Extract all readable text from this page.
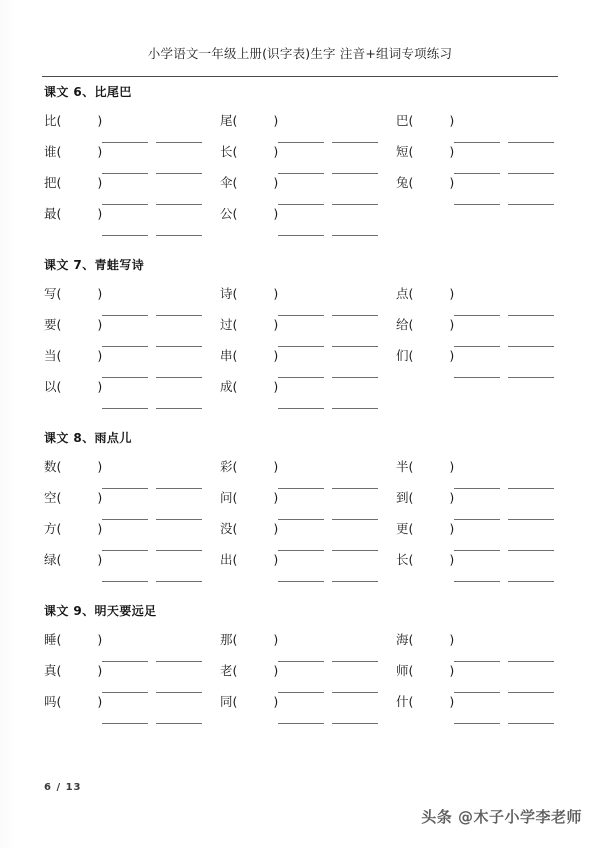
小学语文一年级上册(识字表)生字 注音+组词专项练习
课文 6、比尾巴
比 (	)	尾 (	)	巴 (	)
谁 (	)	长 (	)	短 (	)
把 (	)	伞 (	)	兔 (	)
最 (	)	公 (	)
课文 7、青蛙写诗
写 (	)	诗 (	)	点 (	)
要 (	)	过 (	)	给 (	)
当 (	)	串 (	)	们 (	)
以 (	)	成 (	)
课文 8、雨点儿
数 (	)	彩 (	)	半 (	)
空 (	)	问 (	)	到 (	)
方 (	)	没 (	)	更 (	)
绿 (	)	出 (	)	长 (	)
课文 9、明天要远足
睡 (	)	那 (	)	海 (	)
真 (	)	老 (	)	师 (	)
吗 (	)	同 (	)	什 (	)
6 / 13
头条 @木子小学李老师
